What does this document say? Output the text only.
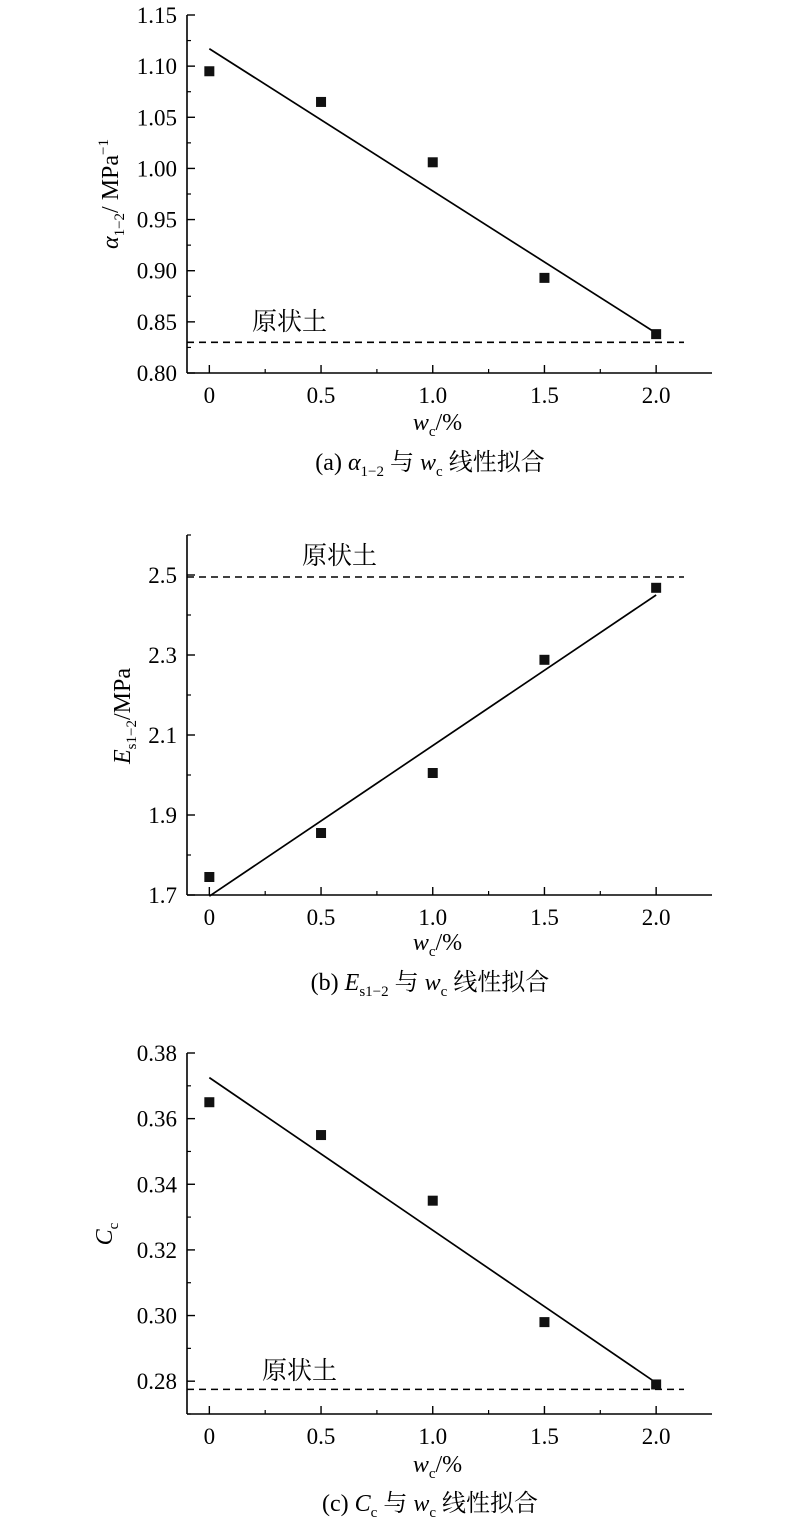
0.80
0.85
0.90
0.95
1.00
1.05
1.10
1.15
0	0.5	1.0	1.5	2.0
原状土
$\alpha_{1-2}/$ MPa$^{-1}$
$w_c/\%$
(a) $\alpha_{1-2}$ 与 $w_c$ 线性拟合
1.7
1.9
2.1
2.3
2.5
0	0.5	1.0	1.5	2.0
原状土
$E_{s1-2}$/MPa
$w_c/\%$
(b) $E_{s1-2}$ 与 $w_c$ 线性拟合
0.28
0.30
0.32
0.34
0.36
0.38
0	0.5	1.0	1.5	2.0
原状土
$C_c$
$w_c/\%$
(c) $C_c$ 与 $w_c$ 线性拟合
